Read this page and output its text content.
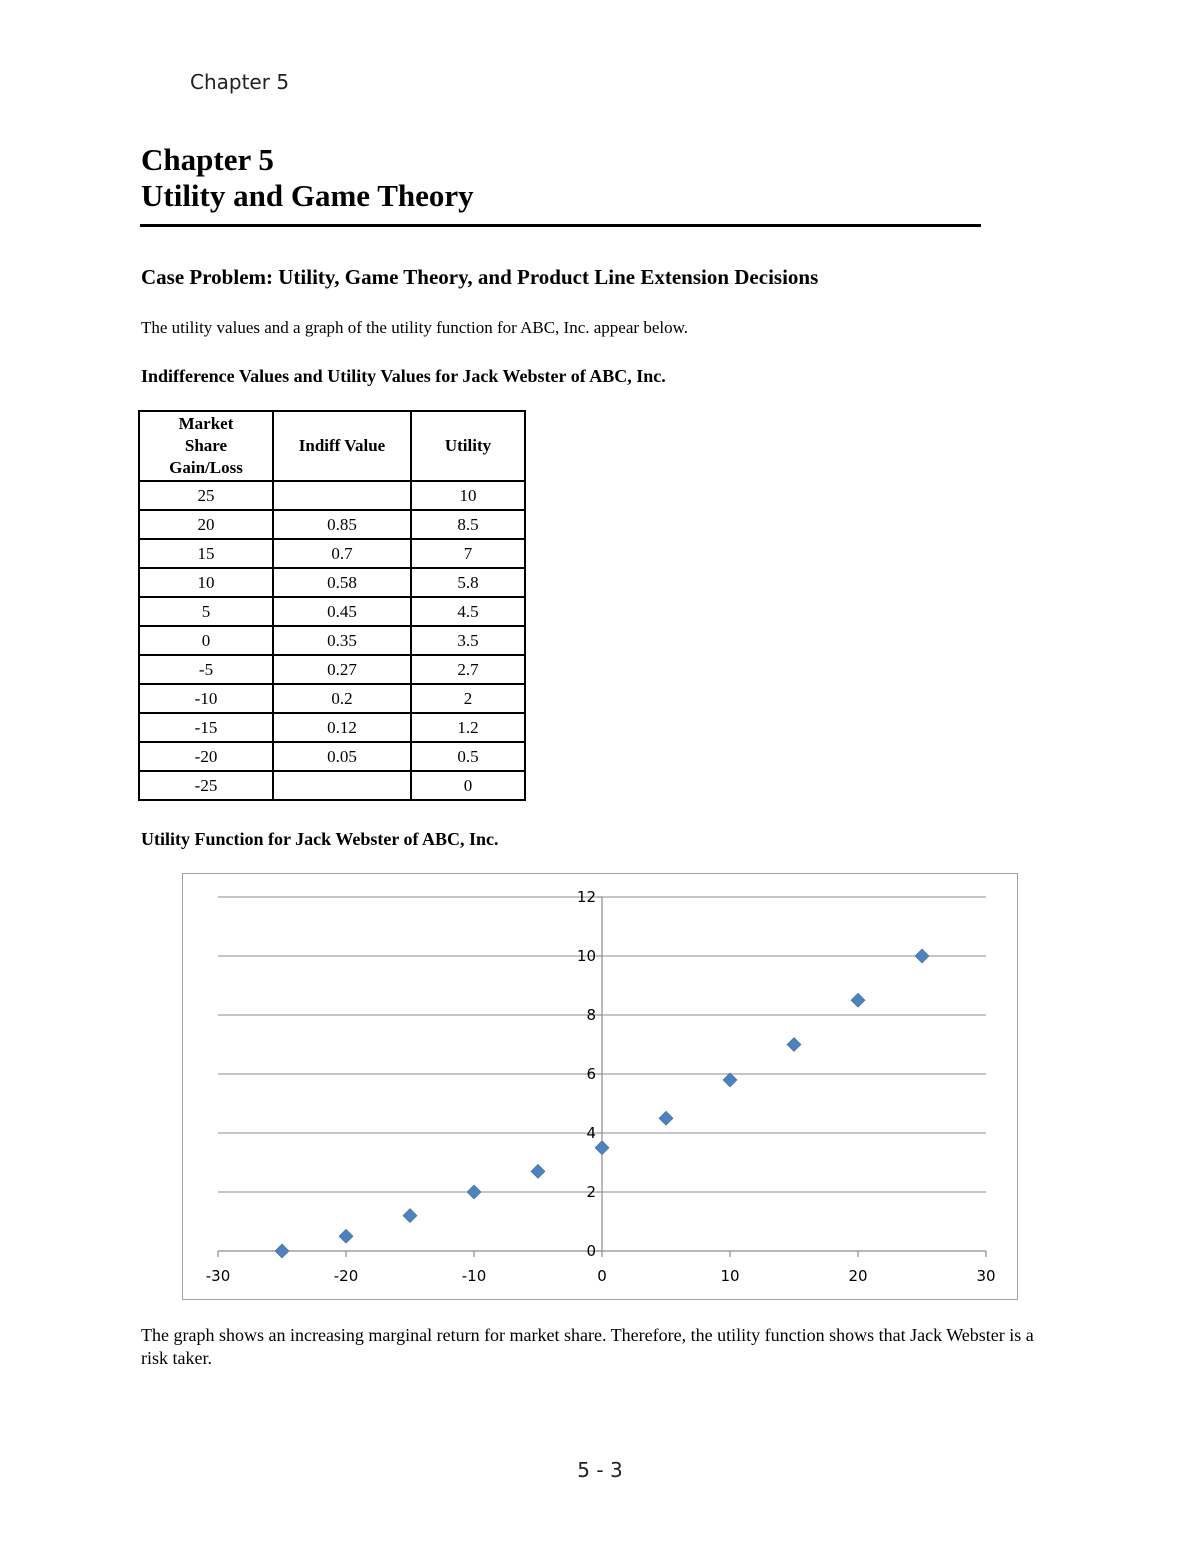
Chapter 5
Chapter 5
Utility and Game Theory
Case Problem: Utility, Game Theory, and Product Line Extension Decisions
The utility values and a graph of the utility function for ABC, Inc. appear below.
Indifference Values and Utility Values for Jack Webster of ABC, Inc.
Market Share Gain/Loss	Indiff Value	Utility
25		10
20	0.85	8.5
15	0.7	7
10	0.58	5.8
5	0.45	4.5
0	0.35	3.5
-5	0.27	2.7
-10	0.2	2
-15	0.12	1.2
-20	0.05	0.5
-25		0
Utility Function for Jack Webster of ABC, Inc.
-30	-20	-10	0	10	20	30
0
2
4
6
8
10
12
The graph shows an increasing marginal return for market share. Therefore, the utility function shows that Jack Webster is a risk taker.
5 - 3
